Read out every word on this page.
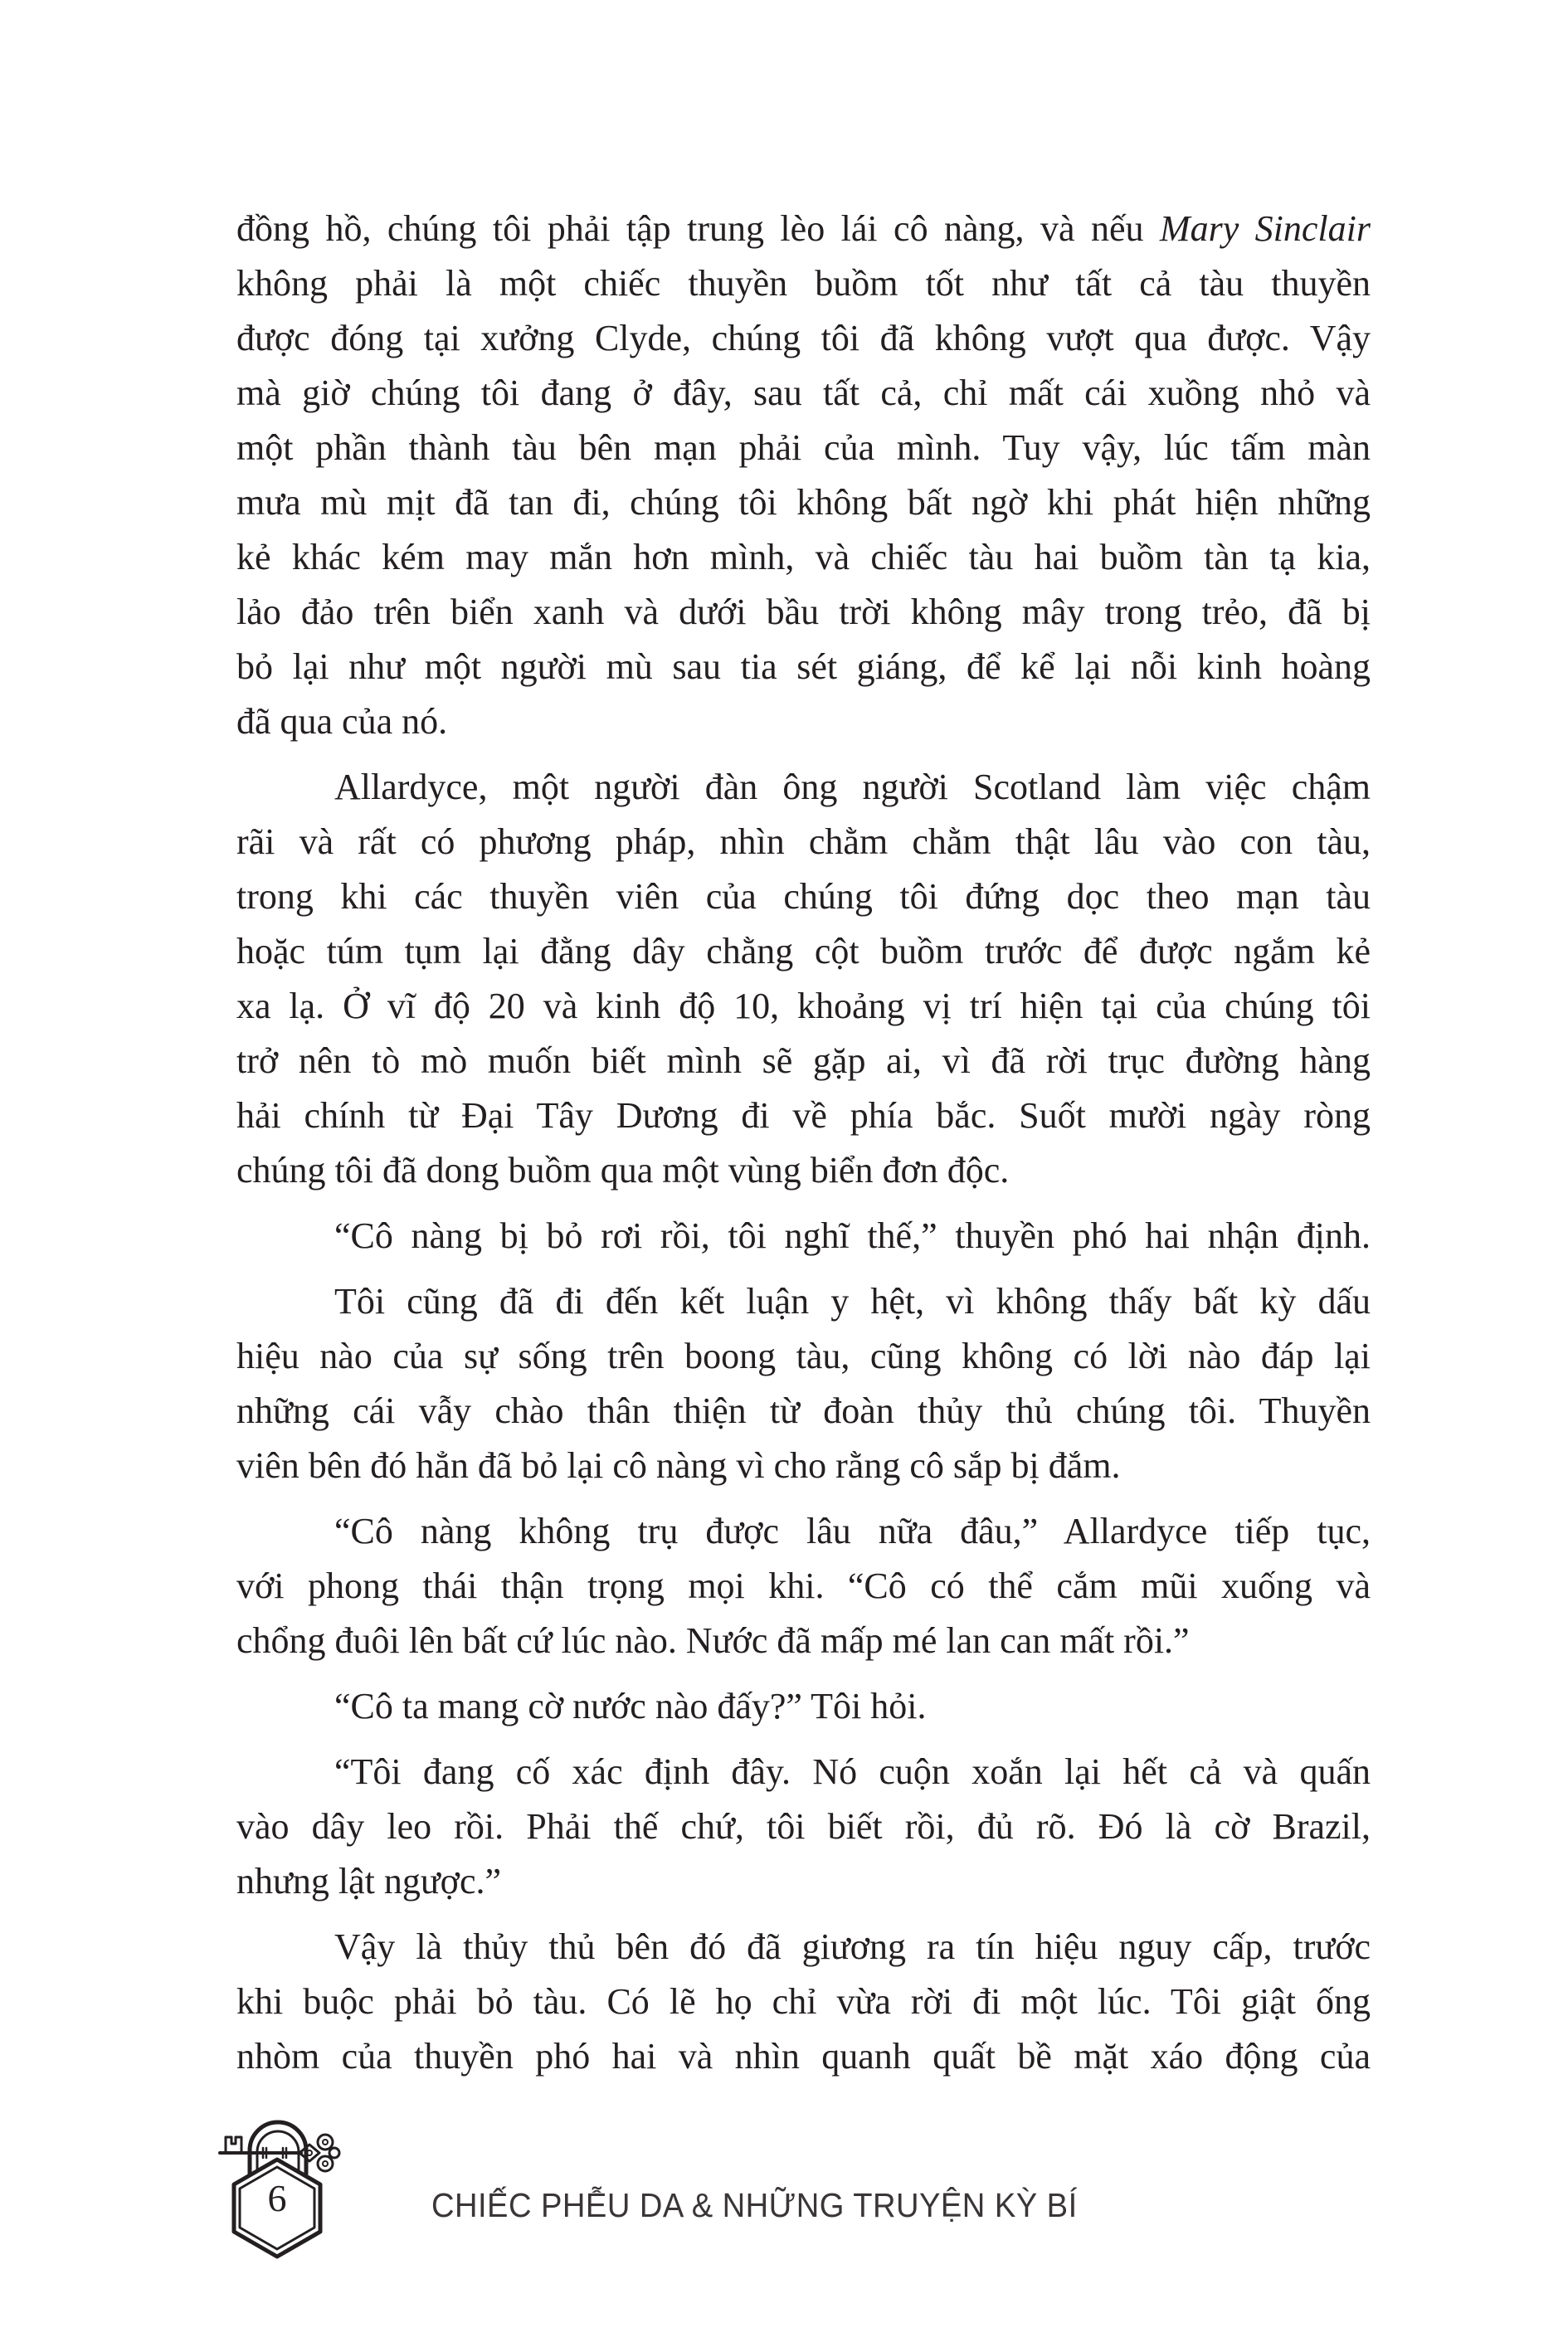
đồng hồ, chúng tôi phải tập trung lèo lái cô nàng, và nếu Mary Sinclair
không phải là một chiếc thuyền buồm tốt như tất cả tàu thuyền
được đóng tại xưởng Clyde, chúng tôi đã không vượt qua được. Vậy
mà giờ chúng tôi đang ở đây, sau tất cả, chỉ mất cái xuồng nhỏ và
một phần thành tàu bên mạn phải của mình. Tuy vậy, lúc tấm màn
mưa mù mịt đã tan đi, chúng tôi không bất ngờ khi phát hiện những
kẻ khác kém may mắn hơn mình, và chiếc tàu hai buồm tàn tạ kia,
lảo đảo trên biển xanh và dưới bầu trời không mây trong trẻo, đã bị
bỏ lại như một người mù sau tia sét giáng, để kể lại nỗi kinh hoàng
đã qua của nó.

Allardyce, một người đàn ông người Scotland làm việc chậm
rãi và rất có phương pháp, nhìn chằm chằm thật lâu vào con tàu,
trong khi các thuyền viên của chúng tôi đứng dọc theo mạn tàu
hoặc túm tụm lại đằng dây chằng cột buồm trước để được ngắm kẻ
xa lạ. Ở vĩ độ 20 và kinh độ 10, khoảng vị trí hiện tại của chúng tôi
trở nên tò mò muốn biết mình sẽ gặp ai, vì đã rời trục đường hàng
hải chính từ Đại Tây Dương đi về phía bắc. Suốt mười ngày ròng
chúng tôi đã dong buồm qua một vùng biển đơn độc.

“Cô nàng bị bỏ rơi rồi, tôi nghĩ thế,” thuyền phó hai nhận định.

Tôi cũng đã đi đến kết luận y hệt, vì không thấy bất kỳ dấu
hiệu nào của sự sống trên boong tàu, cũng không có lời nào đáp lại
những cái vẫy chào thân thiện từ đoàn thủy thủ chúng tôi. Thuyền
viên bên đó hẳn đã bỏ lại cô nàng vì cho rằng cô sắp bị đắm.

“Cô nàng không trụ được lâu nữa đâu,” Allardyce tiếp tục,
với phong thái thận trọng mọi khi. “Cô có thể cắm mũi xuống và
chổng đuôi lên bất cứ lúc nào. Nước đã mấp mé lan can mất rồi.”

“Cô ta mang cờ nước nào đấy?” Tôi hỏi.

“Tôi đang cố xác định đây. Nó cuộn xoắn lại hết cả và quấn
vào dây leo rồi. Phải thế chứ, tôi biết rồi, đủ rõ. Đó là cờ Brazil,
nhưng lật ngược.”

Vậy là thủy thủ bên đó đã giương ra tín hiệu nguy cấp, trước
khi buộc phải bỏ tàu. Có lẽ họ chỉ vừa rời đi một lúc. Tôi giật ống
nhòm của thuyền phó hai và nhìn quanh quất bề mặt xáo động của

6	CHIẾC PHỄU DA & NHỮNG TRUYỆN KỲ BÍ
